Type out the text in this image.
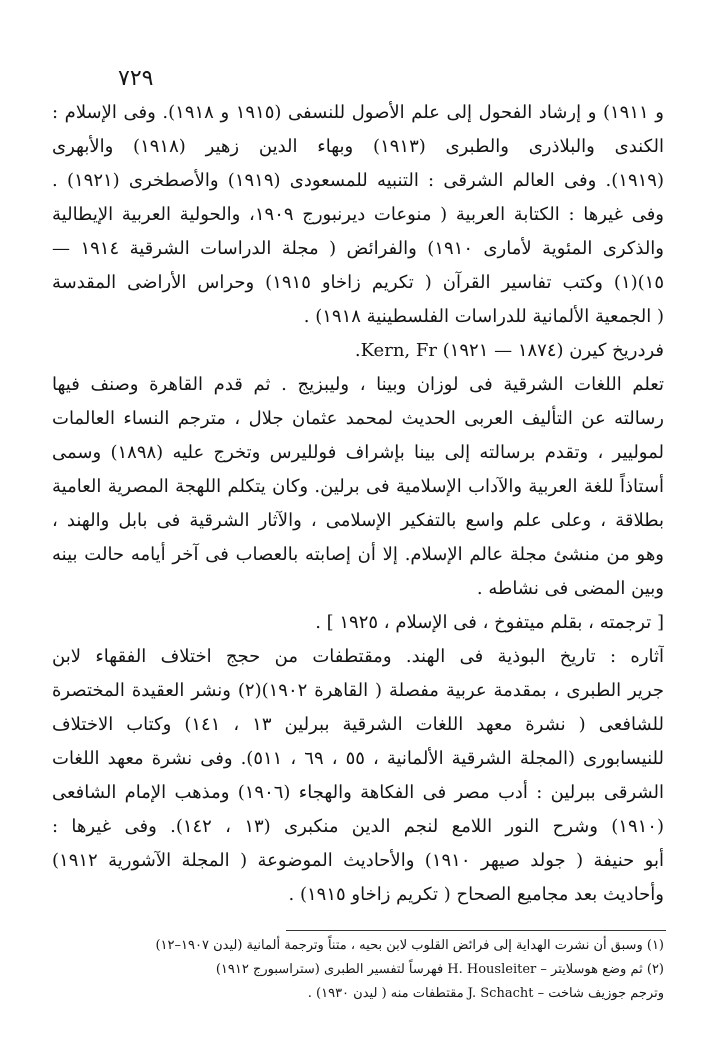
٧٢٩
و ١٩١١) و إرشاد الفحول إلى علم الأصول للنسفى (١٩١٥ و ١٩١٨). وفى الإسلام :
الكندى والبلاذرى والطبرى (١٩١٣) وبهاء الدين زهير (١٩١٨) والأبهرى
(١٩١٩). وفى العالم الشرقى : التنبيه للمسعودى (١٩١٩) والأصطخرى (١٩٢١) .
وفى غيرها : الكتابة العربية ( منوعات ديرنبورج ١٩٠٩، والحولية العربية الإيطالية
والذكرى المئوية لأمارى ١٩١٠) والفرائض ( مجلة الدراسات الشرقية ١٩١٤ —
١٥)(١) وكتب تفاسير القرآن ( تكريم زاخاو ١٩١٥) وحراس الأراضى المقدسة
( الجمعية الألمانية للدراسات الفلسطينية ١٩١٨) .
فردريخ كيرن (١٨٧٤ — ١٩٢١) Kern, Fr.
تعلم اللغات الشرقية فى لوزان وبينا ، وليبزيج . ثم قدم القاهرة وصنف فيها
رسالته عن التأليف العربى الحديث لمحمد عثمان جلال ، مترجم النساء العالمات
لموليير ، وتقدم برسالته إلى بينا بإشراف فولليرس وتخرج عليه (١٨٩٨) وسمى
أستاذاً للغة العربية والآداب الإسلامية فى برلين. وكان يتكلم اللهجة المصرية العامية
بطلاقة ، وعلى علم واسع بالتفكير الإسلامى ، والآثار الشرقية فى بابل والهند ،
وهو من منشئ مجلة عالم الإسلام. إلا أن إصابته بالعصاب فى آخر أيامه حالت بينه
وبين المضى فى نشاطه .
[ ترجمته ، بقلم ميتفوخ ، فى الإسلام ، ١٩٢٥ ] .
آثاره : تاريخ البوذية فى الهند. ومقتطفات من حجج اختلاف الفقهاء لابن
جرير الطبرى ، بمقدمة عربية مفصلة ( القاهرة ١٩٠٢)(٢) ونشر العقيدة المختصرة
للشافعى ( نشرة معهد اللغات الشرقية ببرلين ١٣ ، ١٤١) وكتاب الاختلاف
للنيسابورى (المجلة الشرقية الألمانية ، ٥٥ ، ٦٩ ، ٥١١). وفى نشرة معهد اللغات
الشرقى ببرلين : أدب مصر فى الفكاهة والهجاء (١٩٠٦) ومذهب الإمام الشافعى
(١٩١٠) وشرح النور اللامع لنجم الدين منكبرى (١٣ ، ١٤٢). وفى غيرها :
أبو حنيفة ( جولد صيهر ١٩١٠) والأحاديث الموضوعة ( المجلة الآشورية ١٩١٢)
وأحاديث بعد مجاميع الصحاح ( تكريم زاخاو ١٩١٥) .
(١) وسبق أن نشرت الهداية إلى فرائض القلوب لابن بحيه ، متناً وترجمة ألمانية (ليدن ١٩٠٧–١٢)
(٢) ثم وضع هوسلايتر – H. Housleiter فهرساً لتفسير الطبرى (ستراسبورج ١٩١٢)
وترجم جوزيف شاخت – J. Schacht مقتطفات منه ( ليدن ١٩٣٠) .
